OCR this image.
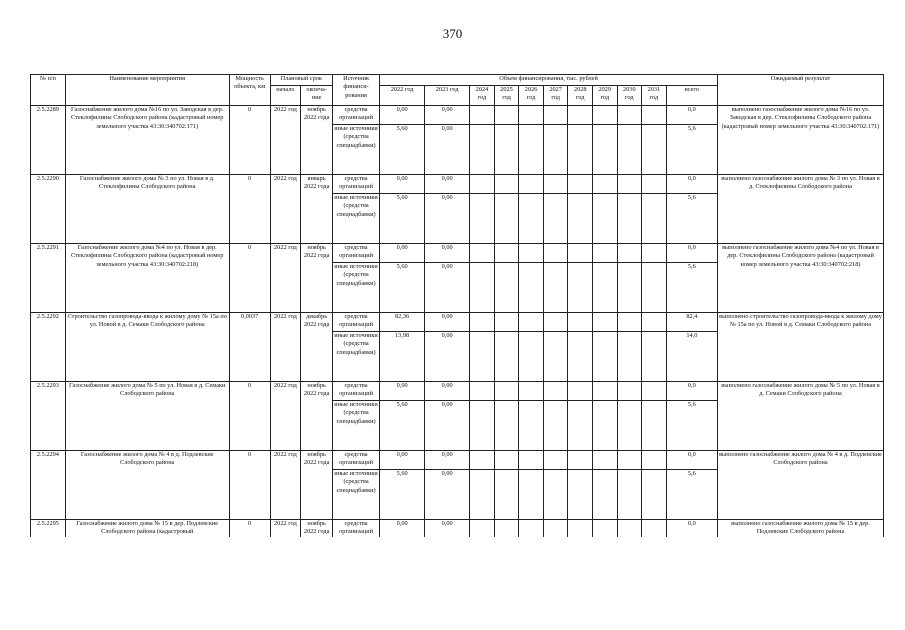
370
№ п/п	Наименование мероприятия	Мощность объекта, км	Плановый срок		Источник финанси-рования	Объем финансирования, тыс. рублей											Ожидаемый результат
			начало	оконча-ние		2022 год	2023 год	2024 год	2025 год	2026 год	2027 год	2028 год	2029 год	2030 год	2031 год	всего	
2.5.2289	Газоснабжение жилого дома №16 по ул. Заводская в дер. Стеклофилины Слободского района (кадастровый номер земельного участка 43:30:340702:171)	0	2022 год	ноябрь 2022 года	средства организаций	0,00	0,00									0,0	выполнено газоснабжение жилого дома №16 по ул. Заводская в дер. Стеклофилины Слободского района (кадастровый номер земельного участка 43:30:340702:171)
					иные источники (средства спецнадбавки)	5,60	0,00									5,6	
2.5.2290	Газоснабжение жилого дома № 3 по ул. Новая в д. Стеклофилины Слободского района	0	2022 год	январь 2022 года	средства организаций	0,00	0,00									0,0	выполнено газоснабжение жилого дома № 3 по ул. Новая в д. Стеклофилины Слободского района
					иные источники (средства спецнадбавки)	5,60	0,00									5,6	
2.5.2291	Газоснабжение жилого дома №4 по ул. Новая в дер. Стеклофилины Слободского района (кадастровый номер земельного участка 43:30:340702:218)	0	2022 год	ноябрь 2022 года	средства организаций	0,00	0,00									0,0	выполнено газоснабжение жилого дома №4 по ул. Новая в дер. Стеклофилины Слободского района (кадастровый номер земельного участка 43:30:340702:218)
					иные источники (средства спецнадбавки)	5,60	0,00									5,6	
2.5.2292	Строительство газопровода-ввода к жилому дому № 15а по ул. Новой в д. Семаки Слободского района	0,0037	2022 год	декабрь 2022 года	средства организаций	82,36	0,00									82,4	выполнено строительство газопровода-ввода к жилому дому № 15а по ул. Новой в д. Семаки Слободского района
					иные источники (средства спецнадбавки)	13,98	0,00									14,0	
2.5.2293	Газоснабжение жилого дома № 5 по ул. Новая в д. Семаки Слободского района	0	2022 год	ноябрь 2022 года	средства организаций	0,00	0,00									0,0	выполнено газоснабжение жилого дома № 5 по ул. Новая в д. Семаки Слободского района
					иные источники (средства спецнадбавки)	5,60	0,00									5,6	
2.5.2294	Газоснабжение жилого дома № 4 в д. Подлевские Слободского района	0	2022 год	ноябрь 2022 года	средства организаций	0,00	0,00									0,0	выполнено газоснабжение жилого дома № 4 в д. Подлевские Слободского района
					иные источники (средства спецнадбавки)	5,60	0,00									5,6	
2.5.2295	Газоснабжение жилого дома № 15 в дер. Подлевские Слободского района (кадастровый	0	2022 год	ноябрь 2022 года	средства организаций	0,00	0,00									0,0	выполнено газоснабжение жилого дома № 15 в дер. Подлевские Слободского района
